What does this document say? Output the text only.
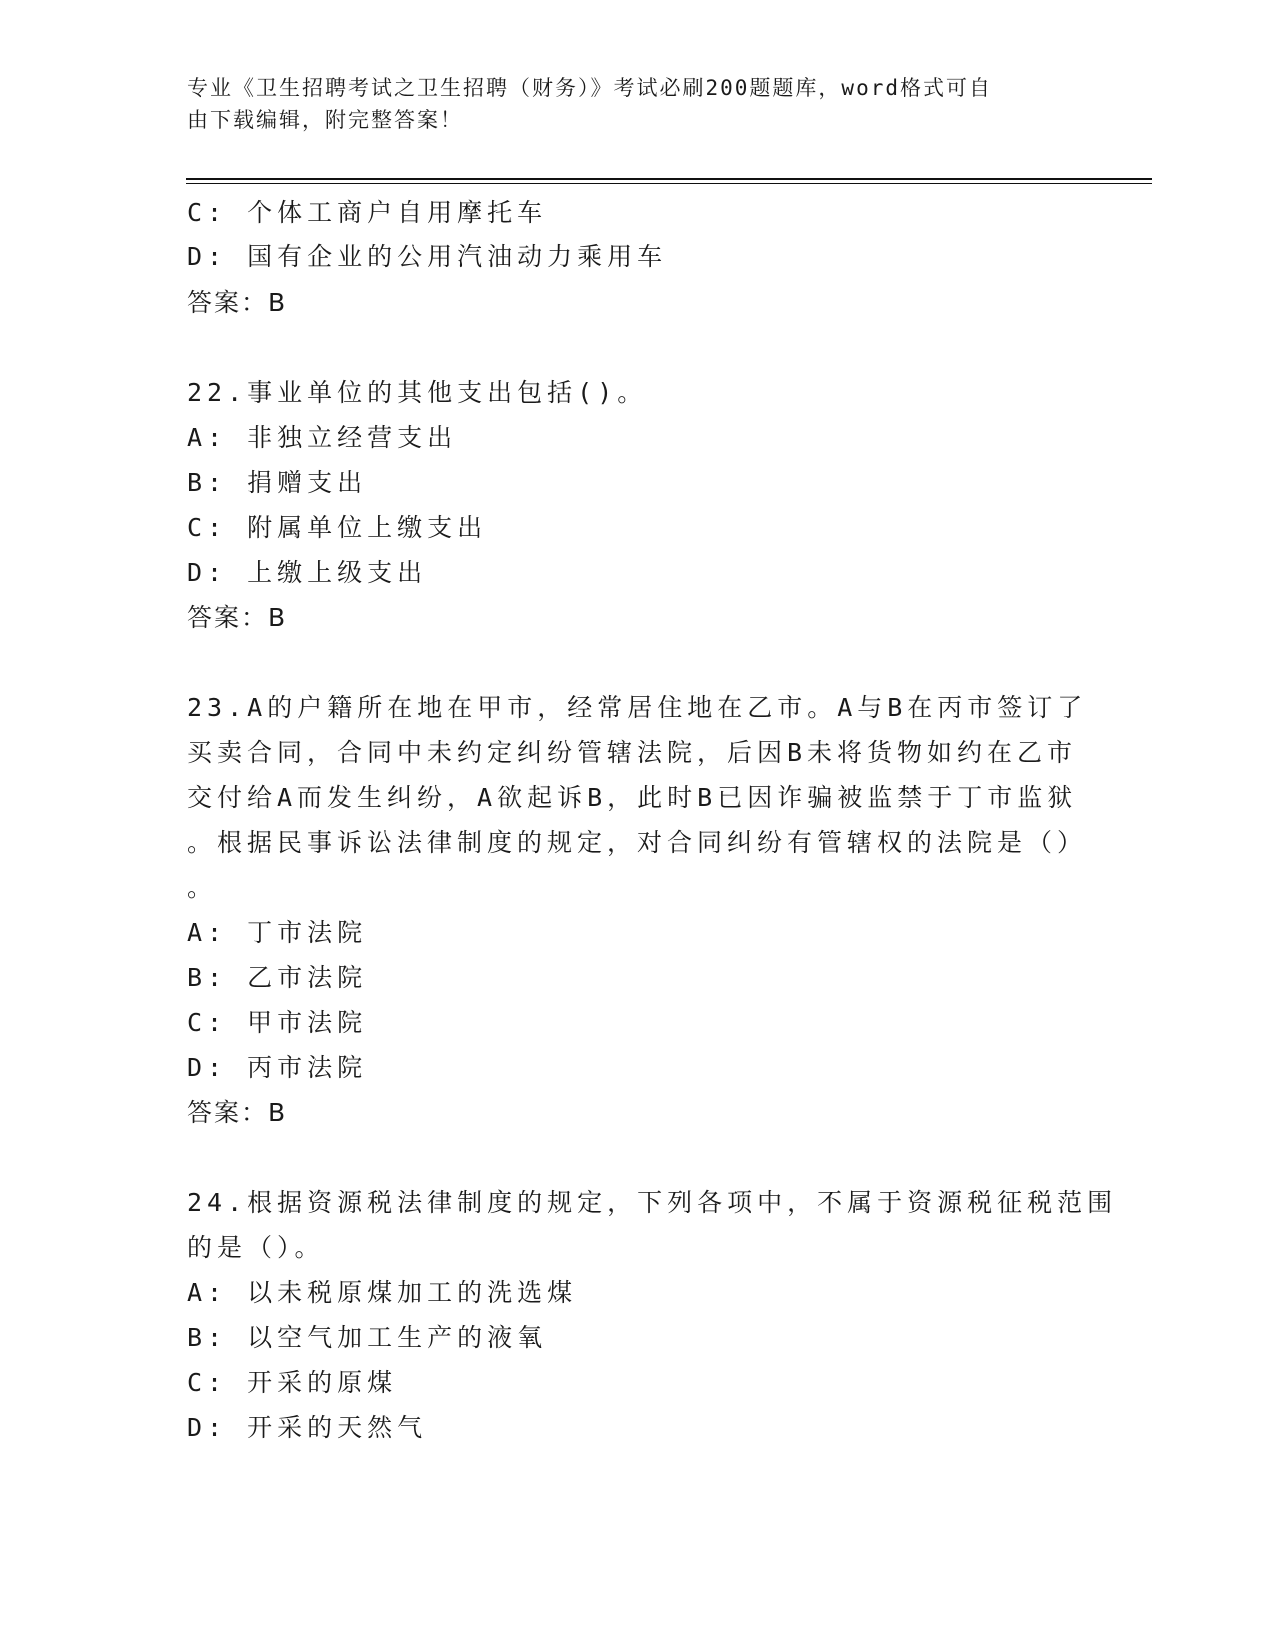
专业《卫生招聘考试之卫生招聘（财务）》考试必刷200题题库，word格式可自
由下载编辑，附完整答案！
C: 个体工商户自用摩托车
D: 国有企业的公用汽油动力乘用车
答案：B
22.事业单位的其他支出包括()。
A: 非独立经营支出
B: 捐赠支出
C: 附属单位上缴支出
D: 上缴上级支出
答案：B
23.A的户籍所在地在甲市，经常居住地在乙市。A与B在丙市签订了
买卖合同，合同中未约定纠纷管辖法院，后因B未将货物如约在乙市
交付给A而发生纠纷，A欲起诉B，此时B已因诈骗被监禁于丁市监狱
。根据民事诉讼法律制度的规定，对合同纠纷有管辖权的法院是（）
。
A: 丁市法院
B: 乙市法院
C: 甲市法院
D: 丙市法院
答案：B
24.根据资源税法律制度的规定，下列各项中，不属于资源税征税范围
的是（）。
A: 以未税原煤加工的洗选煤
B: 以空气加工生产的液氧
C: 开采的原煤
D: 开采的天然气
